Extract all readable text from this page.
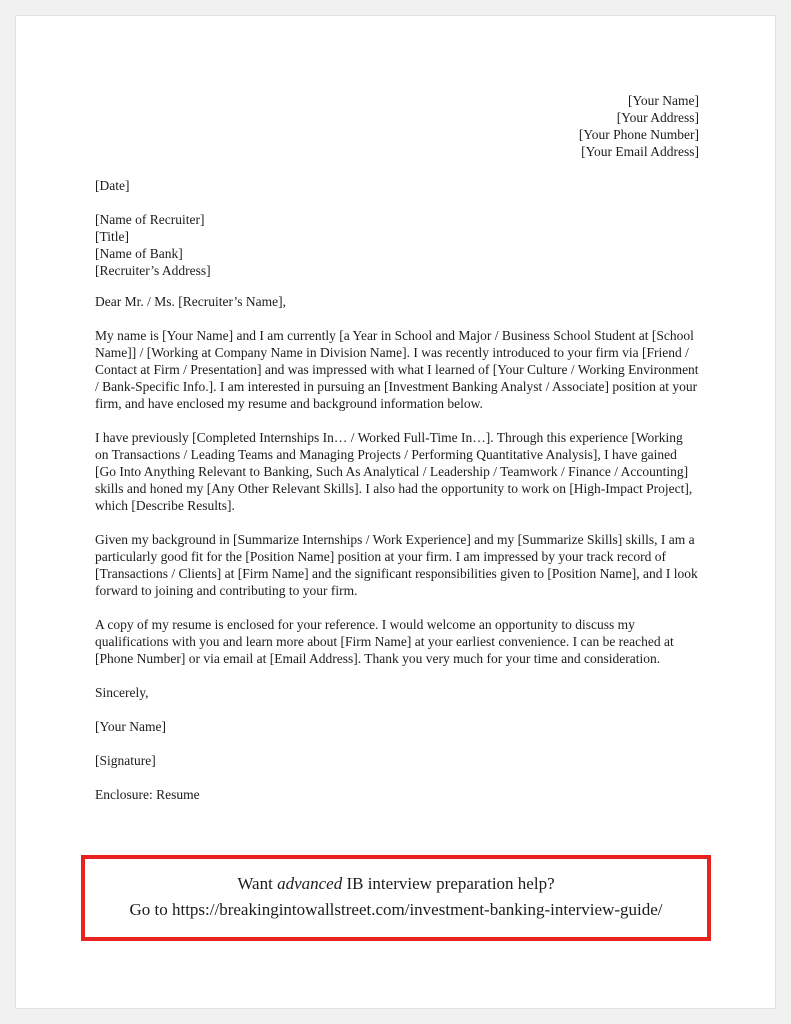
[Your Name]
[Your Address]
[Your Phone Number]
[Your Email Address]
[Date]
[Name of Recruiter]
[Title]
[Name of Bank]
[Recruiter’s Address]

Dear Mr. / Ms. [Recruiter’s Name],

My name is [Your Name] and I am currently [a Year in School and Major / Business School Student at [School Name]] / [Working at Company Name in Division Name]. I was recently introduced to your firm via [Friend / Contact at Firm / Presentation] and was impressed with what I learned of [Your Culture / Working Environment / Bank-Specific Info.]. I am interested in pursuing an [Investment Banking Analyst / Associate] position at your firm, and have enclosed my resume and background information below.

I have previously [Completed Internships In… / Worked Full-Time In…]. Through this experience [Working on Transactions / Leading Teams and Managing Projects / Performing Quantitative Analysis], I have gained [Go Into Anything Relevant to Banking, Such As Analytical / Leadership / Teamwork / Finance / Accounting] skills and honed my [Any Other Relevant Skills]. I also had the opportunity to work on [High-Impact Project], which [Describe Results].

Given my background in [Summarize Internships / Work Experience] and my [Summarize Skills] skills, I am a particularly good fit for the [Position Name] position at your firm. I am impressed by your track record of [Transactions / Clients] at [Firm Name] and the significant responsibilities given to [Position Name], and I look forward to joining and contributing to your firm.

A copy of my resume is enclosed for your reference. I would welcome an opportunity to discuss my qualifications with you and learn more about [Firm Name] at your earliest convenience. I can be reached at [Phone Number] or via email at [Email Address]. Thank you very much for your time and consideration.

Sincerely,

[Your Name]

[Signature]

Enclosure: Resume

Want advanced IB interview preparation help?
Go to https://breakingintowallstreet.com/investment-banking-interview-guide/
